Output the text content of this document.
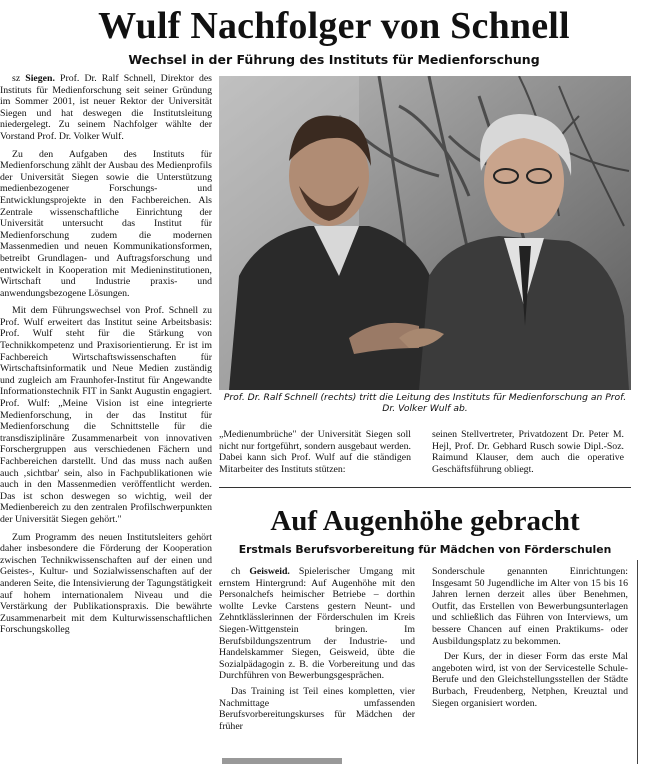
Wulf Nachfolger von Schnell
Wechsel in der Führung des Instituts für Medienforschung

sz Siegen. Prof. Dr. Ralf Schnell, Direktor des Instituts für Medienforschung seit seiner Gründung im Sommer 2001, ist neuer Rektor der Universität Siegen und hat deswegen die Institutsleitung niedergelegt. Zu seinem Nachfolger wählte der Vorstand Prof. Dr. Volker Wulf.

Zu den Aufgaben des Instituts für Medienforschung zählt der Ausbau des Medienprofils der Universität Siegen sowie die Unterstützung medienbezogener Forschungs- und Entwicklungsprojekte in den Fachbereichen. Als Zentrale wissenschaftliche Einrichtung der Universität untersucht das Institut für Medienforschung zudem die modernen Massenmedien und neuen Kommunikationsformen, betreibt Grundlagen- und Auftragsforschung und entwickelt in Kooperation mit Medieninstitutionen, Wirtschaft und Industrie praxis- und anwendungsbezogene Lösungen.

Mit dem Führungswechsel von Prof. Schnell zu Prof. Wulf erweitert das Institut seine Arbeitsbasis: Prof. Wulf steht für die Stärkung von Technikkompetenz und Praxisorientierung. Er ist im Fachbereich Wirtschaftswissenschaften für Wirtschaftsinformatik und Neue Medien zuständig und zugleich am Fraunhofer-Institut für Angewandte Informationstechnik FIT in Sankt Augustin engagiert. Prof. Wulf: „Meine Vision ist eine integrierte Medienforschung, in der das Institut für Medienforschung die Schnittstelle für die transdisziplinäre Zusammenarbeit von innovativen Forschergruppen aus verschiedenen Fächern und Fachbereichen darstellt. Und das muss nach außen auch ‚sichtbar' sein, also in Fachpublikationen wie auch in den Massenmedien veröffentlicht werden. Das ist schon deswegen so wichtig, weil der Medienbereich zu den zentralen Profilschwerpunkten der Universität Siegen gehört."

Zum Programm des neuen Institutsleiters gehört daher insbesondere die Förderung der Kooperation zwischen Technikwissenschaften auf der einen und Geistes-, Kultur- und Sozialwissenschaften auf der anderen Seite, die Intensivierung der Tagungstätigkeit auf hohem internationalem Niveau und die Verstärkung der Publikationspraxis. Die bewährte Zusammenarbeit mit dem Kulturwissenschaftlichen Forschungskolleg

Prof. Dr. Ralf Schnell (rechts) tritt die Leitung des Instituts für Medienforschung an Prof. Dr. Volker Wulf ab.
„Medienumbrüche" der Universität Siegen soll nicht nur fortgeführt, sondern ausgebaut werden. Dabei kann sich Prof. Wulf auf die ständigen Mitarbeiter des Instituts stützen:
seinen Stellvertreter, Privatdozent Dr. Peter M. Hejl, Prof. Dr. Gebhard Rusch sowie Dipl.-Soz. Raimund Klauser, dem auch die operative Geschäftsführung obliegt.
Auf Augenhöhe gebracht
Erstmals Berufsvorbereitung für Mädchen von Förderschulen

ch Geisweid. Spielerischer Umgang mit ernstem Hintergrund: Auf Augenhöhe mit den Personalchefs heimischer Betriebe – dorthin wollte Levke Carstens gestern Neunt- und Zehntklässlerinnen der Förderschulen im Kreis Siegen-Wittgenstein bringen. Im Berufsbildungszentrum der Industrie- und Handelskammer Siegen, Geisweid, übte die Sozialpädagogin z. B. die Vorbereitung und das Durchführen von Bewerbungsgesprächen.

Das Training ist Teil eines kompletten, vier Nachmittage umfassenden Berufsvorbereitungskurses für Mädchen der früher

Sonderschule genannten Einrichtungen: Insgesamt 50 Jugendliche im Alter von 15 bis 16 Jahren lernen derzeit alles über Benehmen, Outfit, das Erstellen von Bewerbungsunterlagen und schließlich das Führen von Interviews, um bessere Chancen auf einen Praktikums- oder Ausbildungsplatz zu bekommen.

Der Kurs, der in dieser Form das erste Mal angeboten wird, ist von der Servicestelle Schule-Berufe und den Gleichstellungsstellen der Städte Burbach, Freudenberg, Netphen, Kreuztal und Siegen organisiert worden.
